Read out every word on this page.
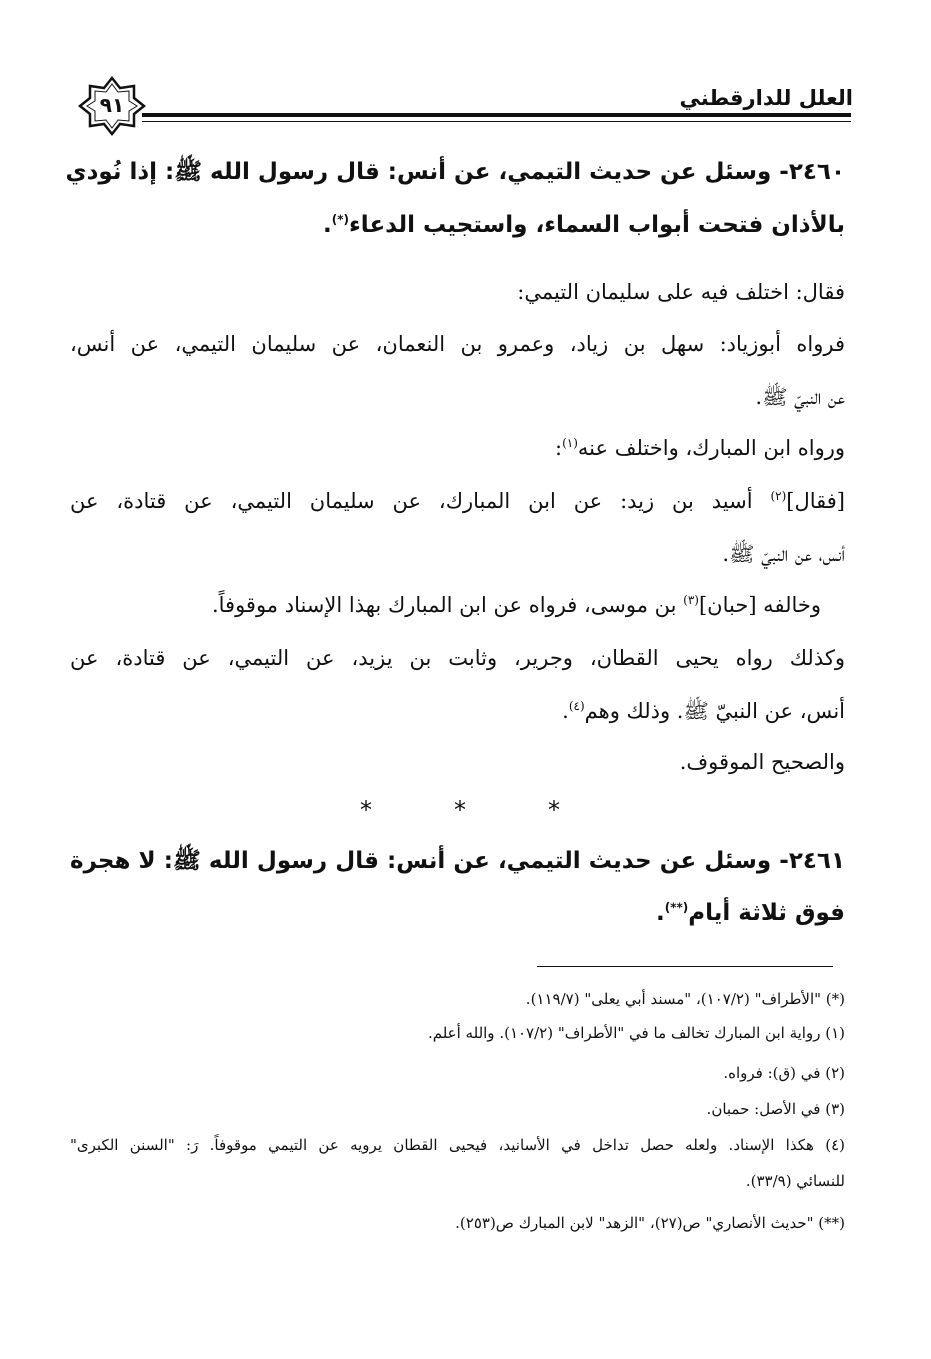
العلل للدارقطني
٩١
٢٤٦٠- وسئل عن حديث التيمي، عن أنس: قال رسول الله ﷺ: إذا نُودي
بالأذان فتحت أبواب السماء، واستجيب الدعاء(*).
فقال: اختلف فيه على سليمان التيمي:
فرواه أبوزياد: سهل بن زياد، وعمرو بن النعمان، عن سليمان التيمي، عن أنس،
عن النبيّ ﷺ.
ورواه ابن المبارك، واختلف عنه$^{(١)}$:
[فقال]$^{(٢)}$ أسيد بن زيد: عن ابن المبارك، عن سليمان التيمي، عن قتادة، عن
أنس، عن النبيّ ﷺ.
وخالفه [حبان]$^{(٣)}$ بن موسى، فرواه عن ابن المبارك بهذا الإسناد موقوفاً.
وكذلك رواه يحيى القطان، وجرير، وثابت بن يزيد، عن التيمي، عن قتادة، عن
أنس، عن النبيّ ﷺ. وذلك وهم$^{(٤)}$.
والصحيح الموقوف.
*	*	*
٢٤٦١- وسئل عن حديث التيمي، عن أنس: قال رسول الله ﷺ: لا هجرة
فوق ثلاثة أيام(**).
(*) "الأطراف" (١٠٧/٢)، "مسند أبي يعلى" (١١٩/٧).
(١) رواية ابن المبارك تخالف ما في "الأطراف" (١٠٧/٢). والله أعلم.
(٢) في (ق): فرواه.
(٣) في الأصل: حمبان.
(٤) هكذا الإسناد. ولعله حصل تداخل في الأسانيد، فيحيى القطان يرويه عن التيمي موقوفاً. رَ: "السنن الكبرى"
للنسائي (٣٣/٩).
(**) "حديث الأنصاري" ص(٢٧)، "الزهد" لابن المبارك ص(٢٥٣).
